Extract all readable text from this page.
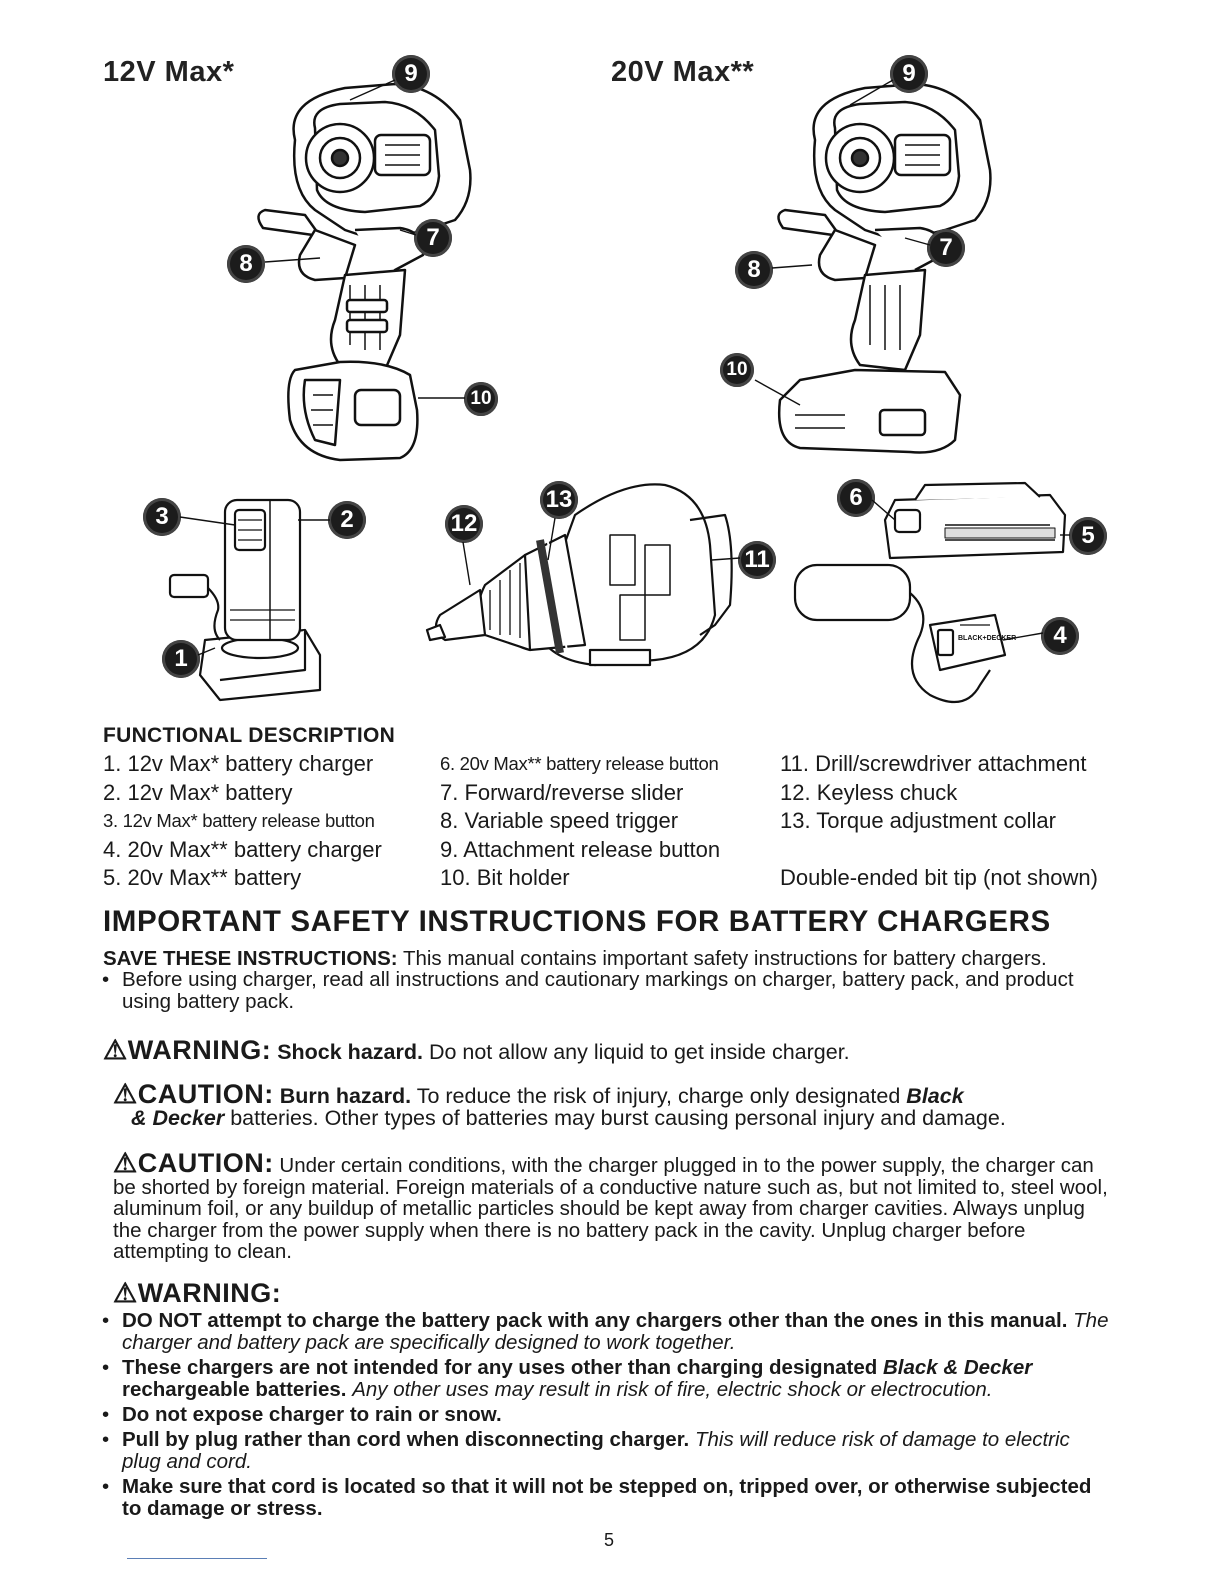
12V Max*	20V Max**
9
7
8
10
9
7
8
10
3	2
1
13
12
11
6
5
BLACK+DECKER	4
FUNCTIONAL DESCRIPTION
1. 12v Max* battery charger
2. 12v Max* battery
3. 12v Max* battery release button
4. 20v Max** battery charger
5. 20v Max** battery
6. 20v Max** battery release button
7. Forward/reverse slider
8. Variable speed trigger
9. Attachment release button
10. Bit holder
11. Drill/screwdriver attachment
12. Keyless chuck
13. Torque adjustment collar
Double-ended bit tip (not shown)
IMPORTANT SAFETY INSTRUCTIONS FOR BATTERY CHARGERS
SAVE THESE INSTRUCTIONS: This manual contains important safety instructions for battery chargers.
• Before using charger, read all instructions and cautionary markings on charger, battery pack, and product using battery pack.
⚠WARNING: Shock hazard. Do not allow any liquid to get inside charger.
⚠CAUTION: Burn hazard. To reduce the risk of injury, charge only designated Black
& Decker batteries. Other types of batteries may burst causing personal injury and damage.
⚠CAUTION: Under certain conditions, with the charger plugged in to the power supply, the charger can be shorted by foreign material. Foreign materials of a conductive nature such as, but not limited to, steel wool, aluminum foil, or any buildup of metallic particles should be kept away from charger cavities. Always unplug the charger from the power supply when there is no battery pack in the cavity. Unplug charger before attempting to clean.
⚠WARNING:
• DO NOT attempt to charge the battery pack with any chargers other than the ones in this manual. The charger and battery pack are specifically designed to work together.
• These chargers are not intended for any uses other than charging designated Black & Decker rechargeable batteries. Any other uses may result in risk of fire, electric shock or electrocution.
• Do not expose charger to rain or snow.
• Pull by plug rather than cord when disconnecting charger. This will reduce risk of damage to electric plug and cord.
• Make sure that cord is located so that it will not be stepped on, tripped over, or otherwise subjected to damage or stress.
5
